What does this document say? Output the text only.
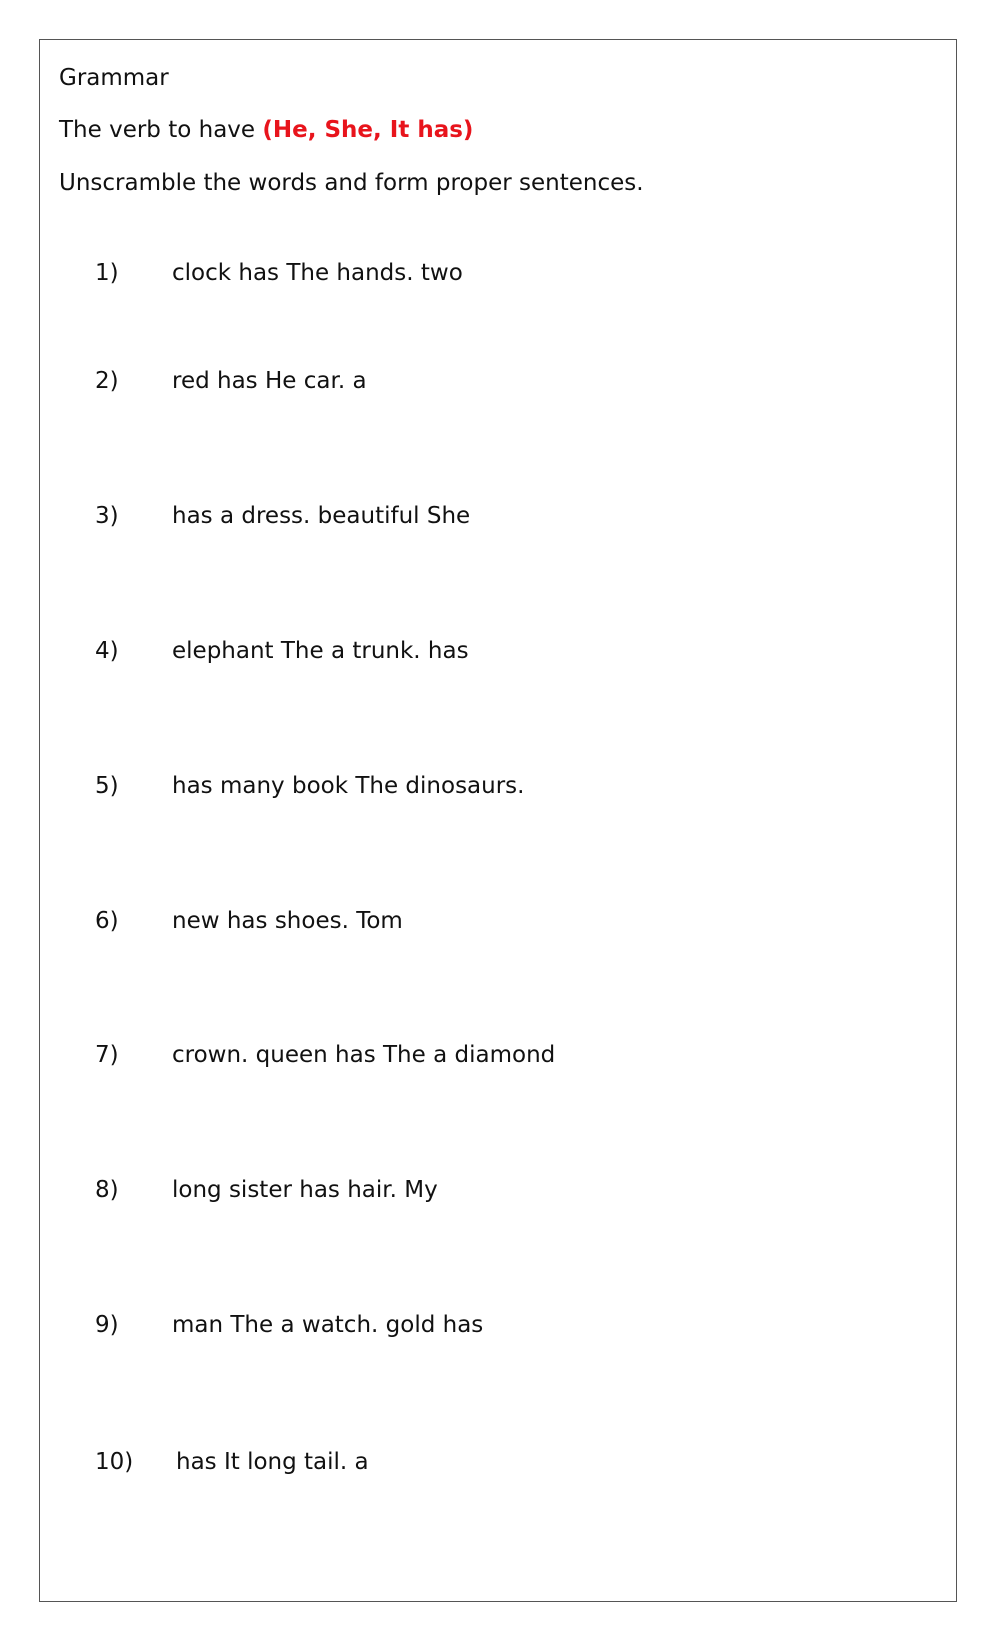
Grammar
The verb to have (He, She, It has)
Unscramble the words and form proper sentences.
1) clock has The hands. two
2) red has He car. a
3) has a dress. beautiful She
4) elephant The a trunk. has
5) has many book The dinosaurs.
6) new has shoes. Tom
7) crown. queen has The a diamond
8) long sister has hair. My
9) man The a watch. gold has
10) has It long tail. a
